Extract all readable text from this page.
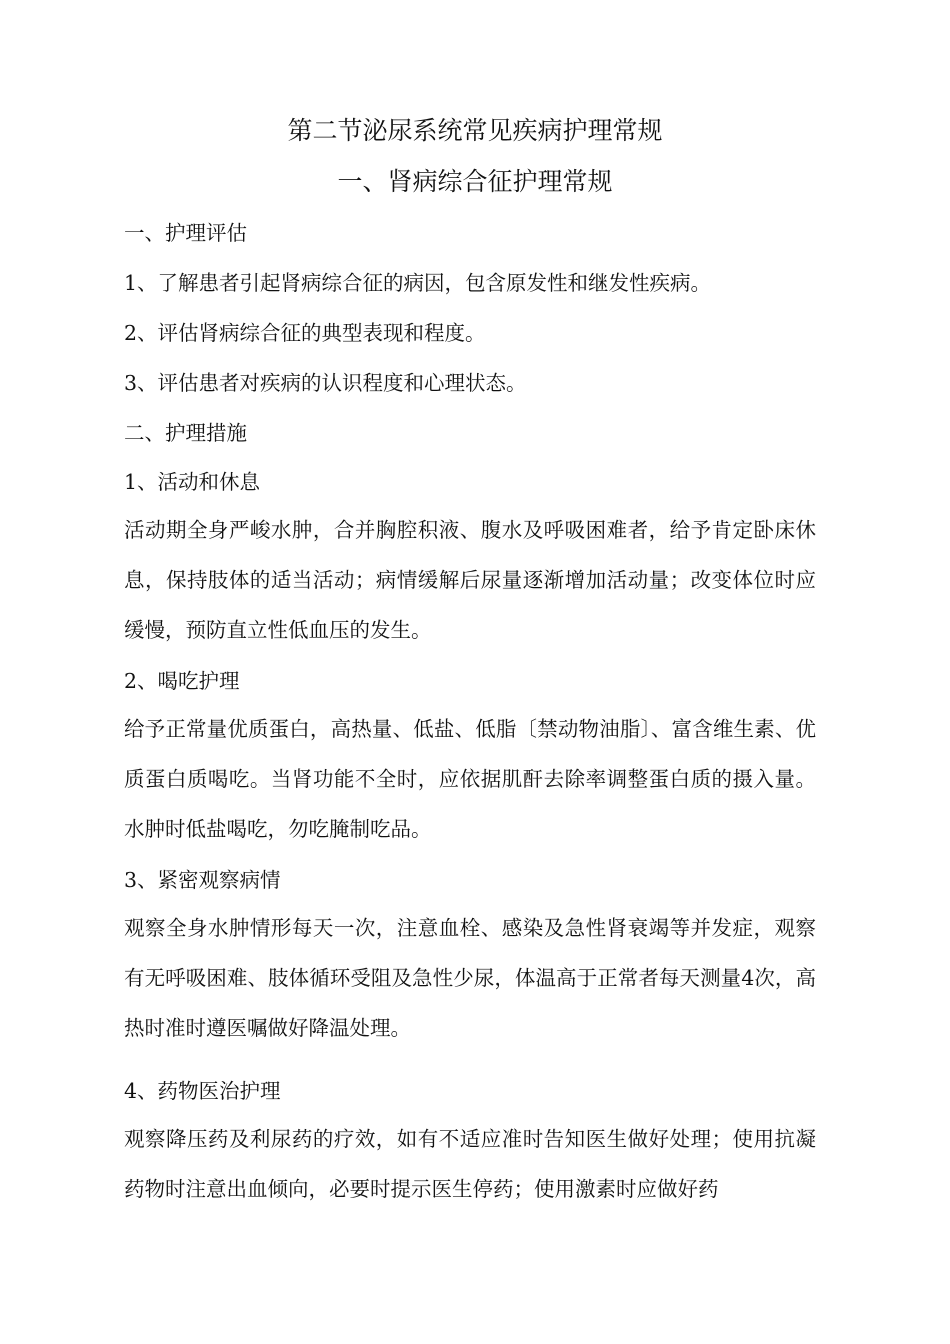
第二节泌尿系统常见疾病护理常规
一、肾病综合征护理常规
一、护理评估
1、了解患者引起肾病综合征的病因，包含原发性和继发性疾病。
2、评估肾病综合征的典型表现和程度。
3、评估患者对疾病的认识程度和心理状态。
二、护理措施
1、活动和休息
活动期全身严峻水肿，合并胸腔积液、腹水及呼吸困难者，给予肯定卧床休息，保持肢体的适当活动；病情缓解后尿量逐渐增加活动量；改变体位时应缓慢，预防直立性低血压的发生。
2、喝吃护理
给予正常量优质蛋白，高热量、低盐、低脂〔禁动物油脂〕、富含维生素、优质蛋白质喝吃。当肾功能不全时，应依据肌酐去除率调整蛋白质的摄入量。水肿时低盐喝吃，勿吃腌制吃品。
3、紧密观察病情
观察全身水肿情形每天一次，注意血栓、感染及急性肾衰竭等并发症，观察有无呼吸困难、肢体循环受阻及急性少尿，体温高于正常者每天测量4次，高热时准时遵医嘱做好降温处理。
4、药物医治护理
观察降压药及利尿药的疗效，如有不适应准时告知医生做好处理；使用抗凝药物时注意出血倾向，必要时提示医生停药；使用激素时应做好药
